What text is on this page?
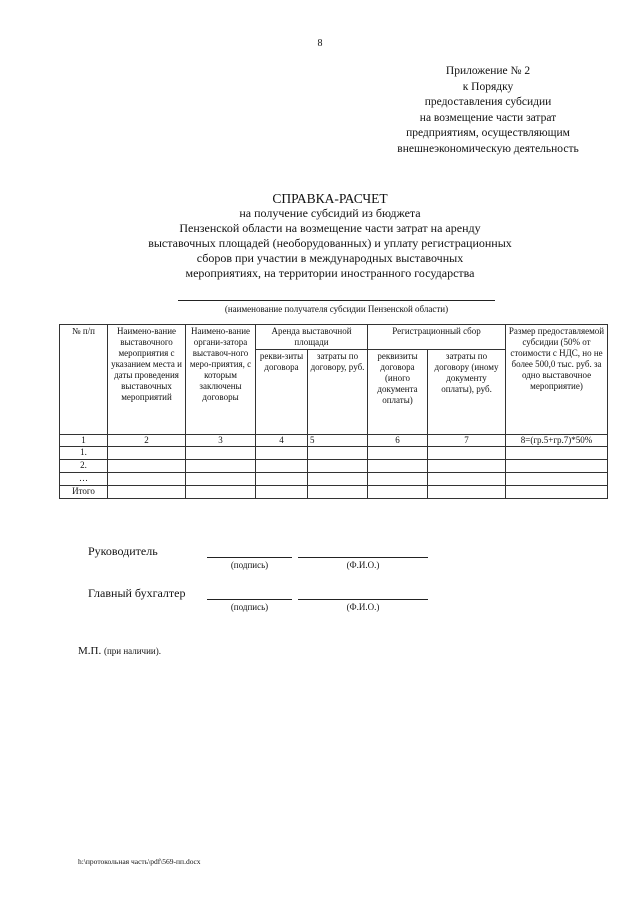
8
Приложение № 2
к Порядку
предоставления субсидии
на возмещение части затрат
предприятиям, осуществляющим
внешнеэкономическую деятельность
СПРАВКА-РАСЧЕТ
на получение субсидий из бюджета
Пензенской области на возмещение части затрат на аренду
выставочных площадей (необорудованных) и уплату регистрационных
сборов при участии в международных выставочных
мероприятиях, на территории иностранного государства
(наименование получателя субсидии Пензенской области)
№ п/п	Наимено-вание выставочного мероприятия с указанием места и даты проведения выставочных мероприятий	Наимено-вание органи-затора выставоч-ного меро-приятия, с которым заключены договоры	Аренда выставочной площади		Регистрационный сбор		Размер предоставляемой субсидии (50% от стоимости с НДС, но не более 500,0 тыс. руб. за одно выставочное мероприятие)
			рекви-зиты договора	затраты по договору, руб.	реквизиты договора (иного документа оплаты)	затраты по договору (иному документу оплаты), руб.	
1	2	3	4	5	6	7	8=(гр.5+гр.7)*50%
1.							
2.							
…							
Итого							
Руководитель
(подпись)	(Ф.И.О.)
Главный бухгалтер
(подпись)	(Ф.И.О.)
М.П. (при наличии).
h:\протокольная часть\pdf\569-пп.docx
